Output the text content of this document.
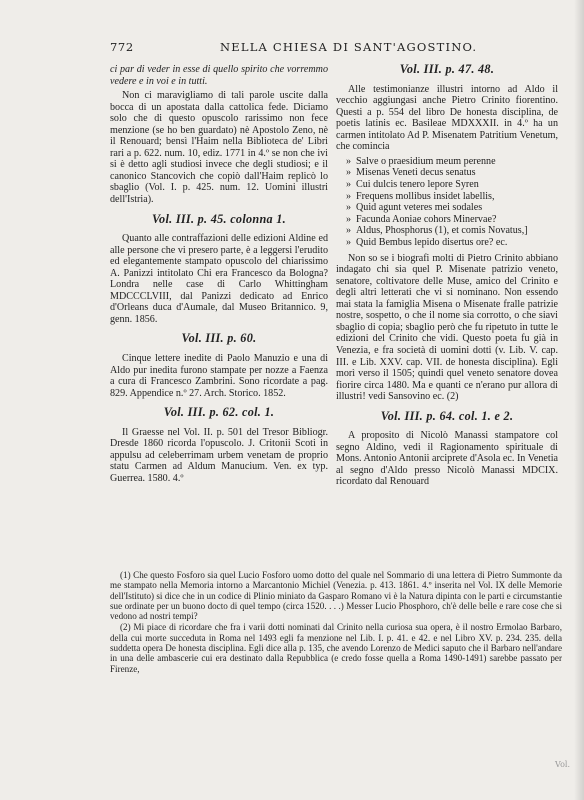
772	NELLA CHIESA DI SANT'AGOSTINO.

ci par di veder in esse di quello spirito che vorremmo vedere e in voi e in tutti.

Non ci maravigliamo di tali parole uscite dalla bocca di un apostata dalla cattolica fede. Diciamo solo che di questo opuscolo rarissimo non fece menzione (se ho ben guardato) nè Apostolo Zeno, nè il Renouard; bensì l'Haim nella Biblioteca de' Libri rari a p. 622. num. 10, ediz. 1771 in 4.º se non che ivi si è detto agli studiosi invece che degli studiosi; e il canonico Stancovich che copiò dall'Haim replicò lo sbaglio (Vol. I. p. 425. num. 12. Uomini illustri dell'Istria).

Vol. III. p. 45. colonna 1.

Quanto alle contraffazioni delle edizioni Aldine ed alle persone che vi presero parte, è a leggersi l'erudito ed elegantemente stampato opuscolo del chiarissimo A. Panizzi intitolato Chi era Francesco da Bologna? Londra nelle case di Carlo Whittingham MDCCCLVIII, dal Panizzi dedicato ad Enrico d'Orleans duca d'Aumale, dal Museo Britannico. 9, genn. 1856.

Vol. III. p. 60.

Cinque lettere inedite di Paolo Manuzio e una di Aldo pur inedita furono stampate per nozze a Faenza a cura di Francesco Zambrini. Sono ricordate a pag. 829. Appendice n.º 27. Arch. Storico. 1852.

Vol. III. p. 62. col. 1.

Il Graesse nel Vol. II. p. 501 del Tresor Bibliogr. Dresde 1860 ricorda l'opuscolo. J. Critonii Scoti in appulsu ad celeberrimam urbem venetam de proprio statu Carmen ad Aldum Manucium. Ven. ex typ. Guerrea. 1580. 4.º

Vol. III. p. 47. 48.

Alle testimonianze illustri intorno ad Aldo il vecchio aggiungasi anche Pietro Crinito fiorentino. Questi a p. 554 del libro De honesta disciplina, de poetis latinis ec. Basileae MDXXXII. in 4.º ha un carmen intitolato Ad P. Misenatem Patritium Venetum, che comincia

» Salve o praesidium meum perenne
» Misenas Veneti decus senatus
» Cui dulcis tenero lepore Syren
» Frequens mollibus insidet labellis,
» Quid agunt veteres mei sodales
» Facunda Aoniae cohors Minervae?
» Aldus, Phosphorus (1), et comis Novatus,]
» Quid Bembus lepido disertus ore? ec.

Non so se i biografi molti di Pietro Crinito abbiano indagato chi sia quel P. Misenate patrizio veneto, senatore, coltivatore delle Muse, amico del Crinito e degli altri letterati che vi si nominano. Non essendo mai stata la famiglia Misena o Misenate fralle patrizie nostre, sospetto, o che il nome sia corrotto, o che siavi sbaglio di copia; sbaglio però che fu ripetuto in tutte le edizioni del Crinito che vidi. Questo poeta fu già in Venezia, e fra società di uomini dotti (v. Lib. V. cap. III. e Lib. XXV. cap. VII. de honesta disciplina). Egli morì verso il 1505; quindi quel veneto senatore dovea fiorire circa 1480. Ma e quanti ce n'erano pur allora di illustri! vedi Sansovino ec. (2)

Vol. III. p. 64. col. 1. e 2.

A proposito di Nicolò Manassi stampatore col segno Aldino, vedi il Ragionamento spirituale di Mons. Antonio Antonii arciprete d'Asola ec. In Venetia al segno d'Aldo presso Nicolò Manassi MDCIX. ricordato dal Renouard

(1) Che questo Fosforo sia quel Lucio Fosforo uomo dotto del quale nel Sommario di una lettera di Pietro Summonte da me stampato nella Memoria intorno a Marcantonio Michiel (Venezia. p. 413. 1861. 4.º inserita nel Vol. IX delle Memorie dell'Istituto) si dice che in un codice di Plinio miniato da Gasparo Romano vi è la Natura dipinta con le parti e circumstantie sue ordinate per un buono docto di quel tempo (circa 1520. . . .) Messer Lucio Phosphoro, ch'è delle belle e rare cose che si vedono ad nostri tempi?

(2) Mi piace di ricordare che fra i varii dotti nominati dal Crinito nella curiosa sua opera, è il nostro Ermolao Barbaro, della cui morte succeduta in Roma nel 1493 egli fa menzione nel Lib. I. p. 41. e 42. e nel Libro XV. p. 234. 235. della suddetta opera De honesta disciplina. Egli dice alla p. 135, che avendo Lorenzo de Medici saputo che il Barbaro nell'andare in una delle ambascerie cui era destinato dalla Repubblica (e credo fosse quella a Roma 1490-1491) sarebbe passato per Firenze,

Vol.
